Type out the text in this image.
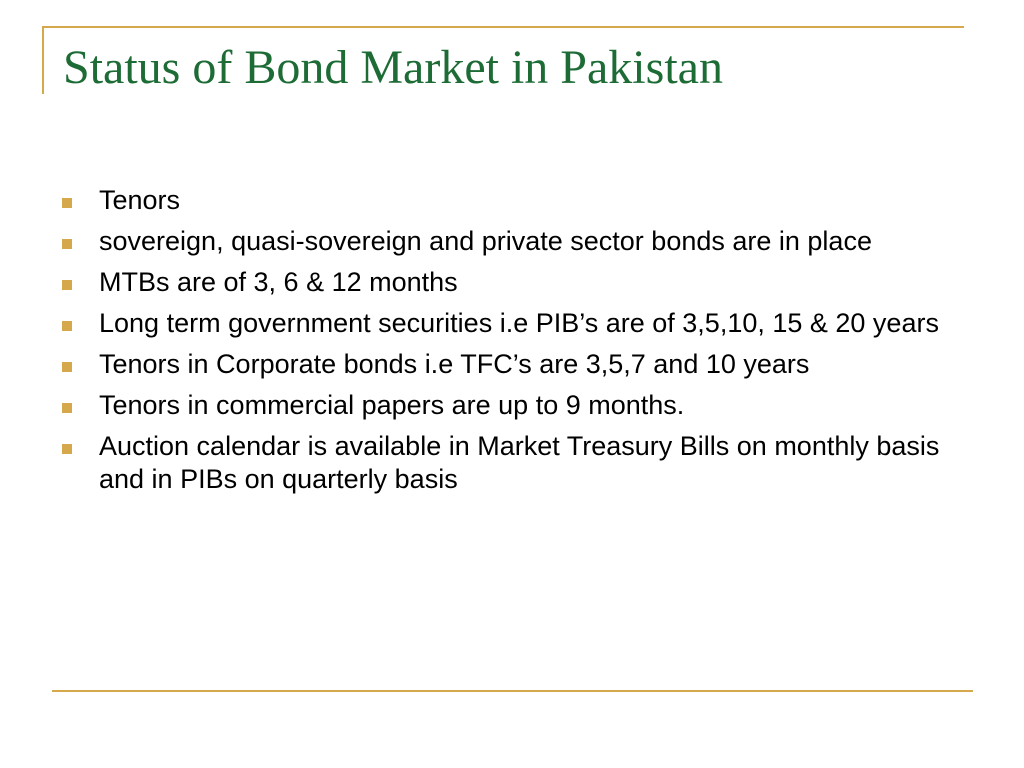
Status of Bond Market in Pakistan
Tenors
sovereign, quasi-sovereign and private sector bonds are in place
MTBs are of 3, 6 & 12 months
Long term government securities i.e PIB’s are of 3,5,10, 15 & 20 years
Tenors in Corporate bonds i.e TFC’s are 3,5,7 and 10 years
Tenors in commercial papers are up to 9 months.
Auction calendar is available in Market Treasury Bills on monthly basis and in PIBs on quarterly basis
